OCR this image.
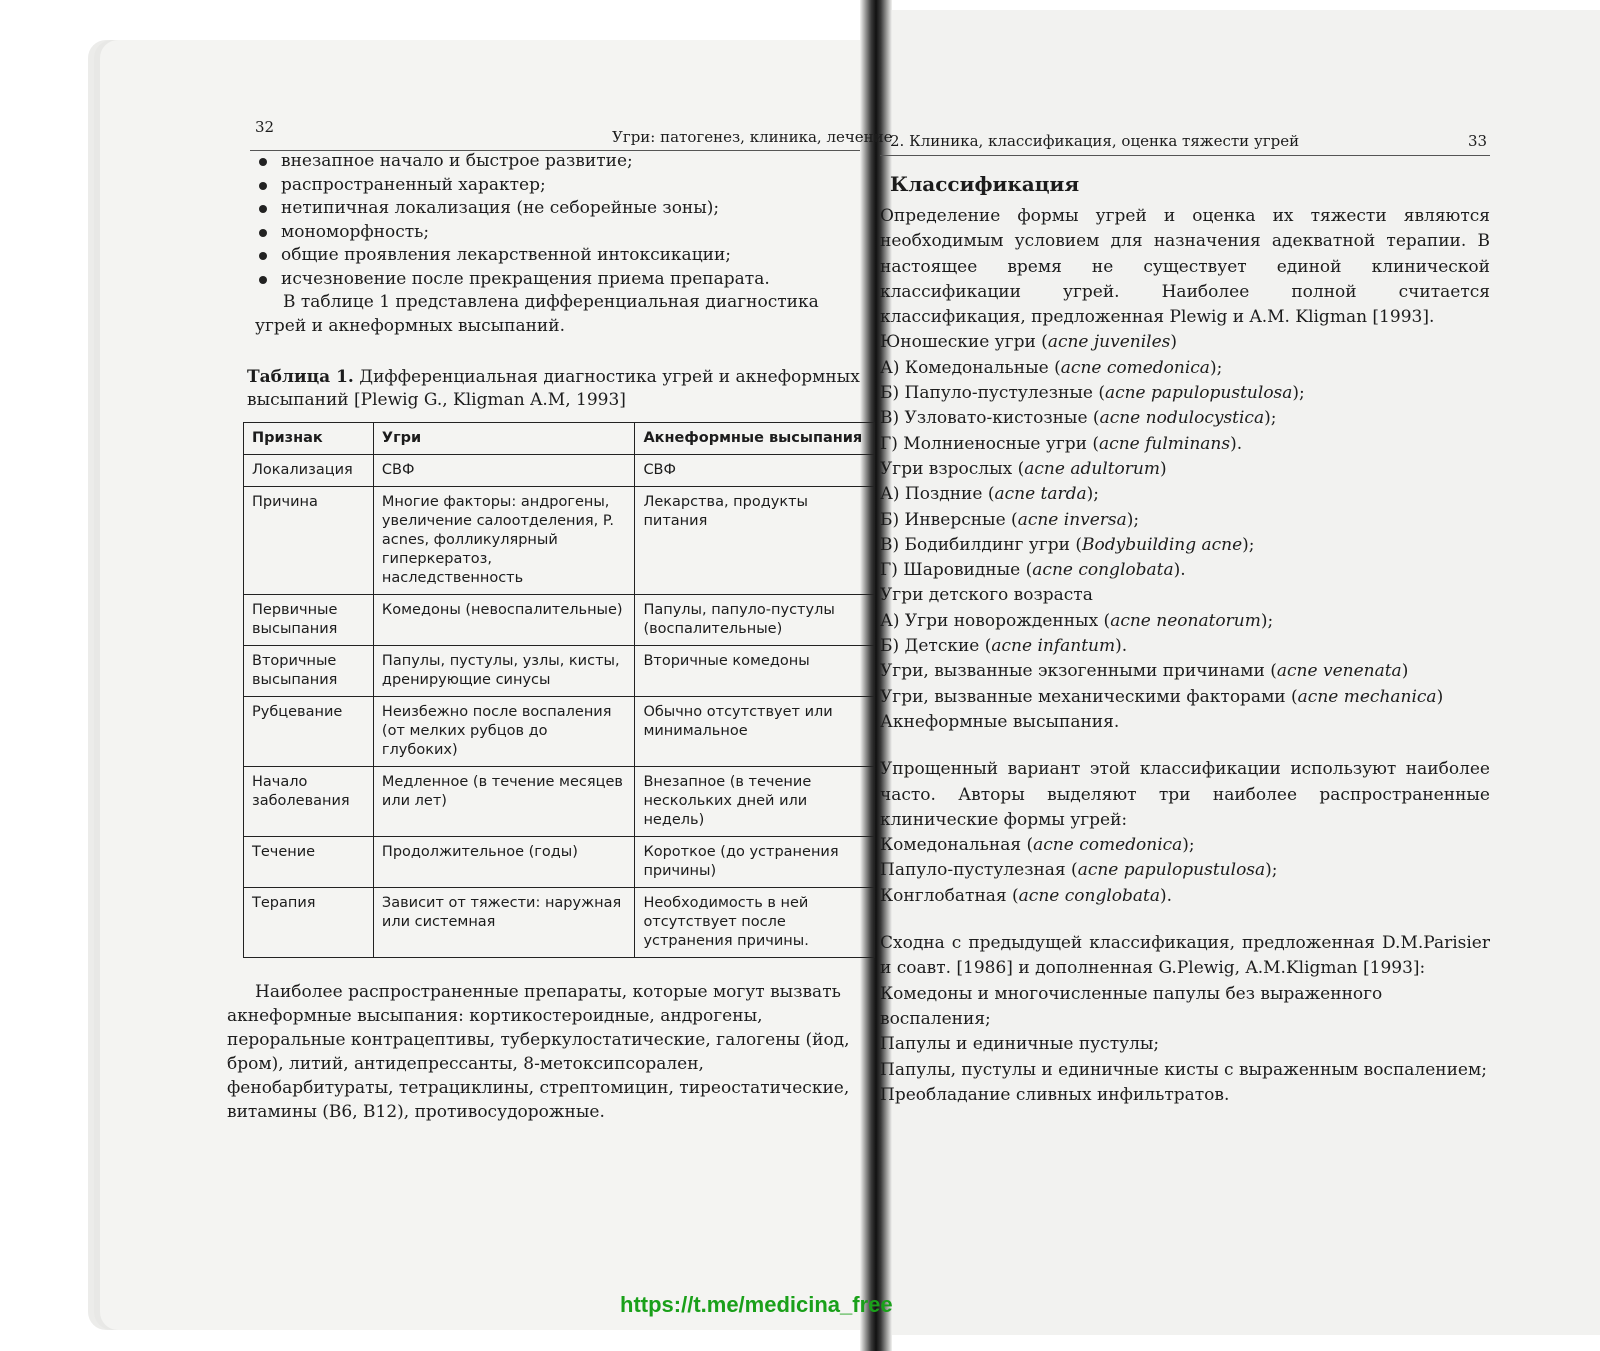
32
Угри: патогенез, клиника, лечение
2. Клиника, классификация, оценка тяжести угрей	33
внезапное начало и быстрое развитие;
распространенный характер;
нетипичная локализация (не себорейные зоны);
мономорфность;
общие проявления лекарственной интоксикации;
исчезновение после прекращения приема препарата.

В таблице 1 представлена дифференциальная диагностика угрей и акнеформных высыпаний.

Таблица 1. Дифференциальная диагностика угрей и акнеформных высыпаний [Plewig G., Kligman A.M, 1993]
Признак	Угри	Акнеформные высыпания
Локализация	СВФ	СВФ
Причина	Многие факторы: андрогены, увеличение салоотделения, P. acnes, фолликулярный гиперкератоз, наследственность	Лекарства, продукты питания
Первичные высыпания	Комедоны (невоспалительные)	Папулы, папуло-пустулы (воспалительные)
Вторичные высыпания	Папулы, пустулы, узлы, кисты, дренирующие синусы	Вторичные комедоны
Рубцевание	Неизбежно после воспаления (от мелких рубцов до глубоких)	Обычно отсутствует или минимальное
Начало заболевания	Медленное (в течение месяцев или лет)	Внезапное (в течение нескольких дней или недель)
Течение	Продолжительное (годы)	Короткое (до устранения причины)
Терапия	Зависит от тяжести: наружная или системная	Необходимость в ней отсутствует после устранения причины.

Наиболее распространенные препараты, которые могут вызвать акнеформные высыпания: кортикостероидные, андрогены, пероральные контрацептивы, туберкулостатические, галогены (йод, бром), литий, антидепрессанты, 8-метоксипсорален, фенобарбитураты, тетрациклины, стрептомицин, тиреостатические, витамины (B6, B12), противосудорожные.

Классификация

Определение формы угрей и оценка их тяжести являются необходимым условием для назначения адекватной терапии. В настоящее время не существует единой клинической классификации угрей. Наиболее полной считается классификация, предложенная Plewig и A.M. Kligman [1993].

Юношеские угри (acne juveniles)
А) Комедональные (acne comedonica);
Б) Папуло-пустулезные (acne papulopustulosa);
В) Узловато-кистозные (acne nodulocystica);
Г) Молниеносные угри (acne fulminans).
Угри взрослых (acne adultorum)
А) Поздние (acne tarda);
Б) Инверсные (acne inversa);
В) Бодибилдинг угри (Bodybuilding acne);
Г) Шаровидные (acne conglobata).
Угри детского возраста
А) Угри новорожденных (acne neonatorum);
Б) Детские (acne infantum).
Угри, вызванные экзогенными причинами (acne venenata)
Угри, вызванные механическими факторами (acne mechanica)
Акнеформные высыпания.

Упрощенный вариант этой классификации используют наиболее часто. Авторы выделяют три наиболее распространенные клинические формы угрей:

Комедональная (acne comedonica);
Папуло-пустулезная (acne papulopustulosa);
Конглобатная (acne conglobata).

Сходна с предыдущей классификация, предложенная D.M.Parisier и соавт. [1986] и дополненная G.Plewig, A.M.Kligman [1993]:

Комедоны и многочисленные папулы без выраженного воспаления;
Папулы и единичные пустулы;
Папулы, пустулы и единичные кисты с выраженным воспалением;
Преобладание сливных инфильтратов.
https://t.me/medicina_free
